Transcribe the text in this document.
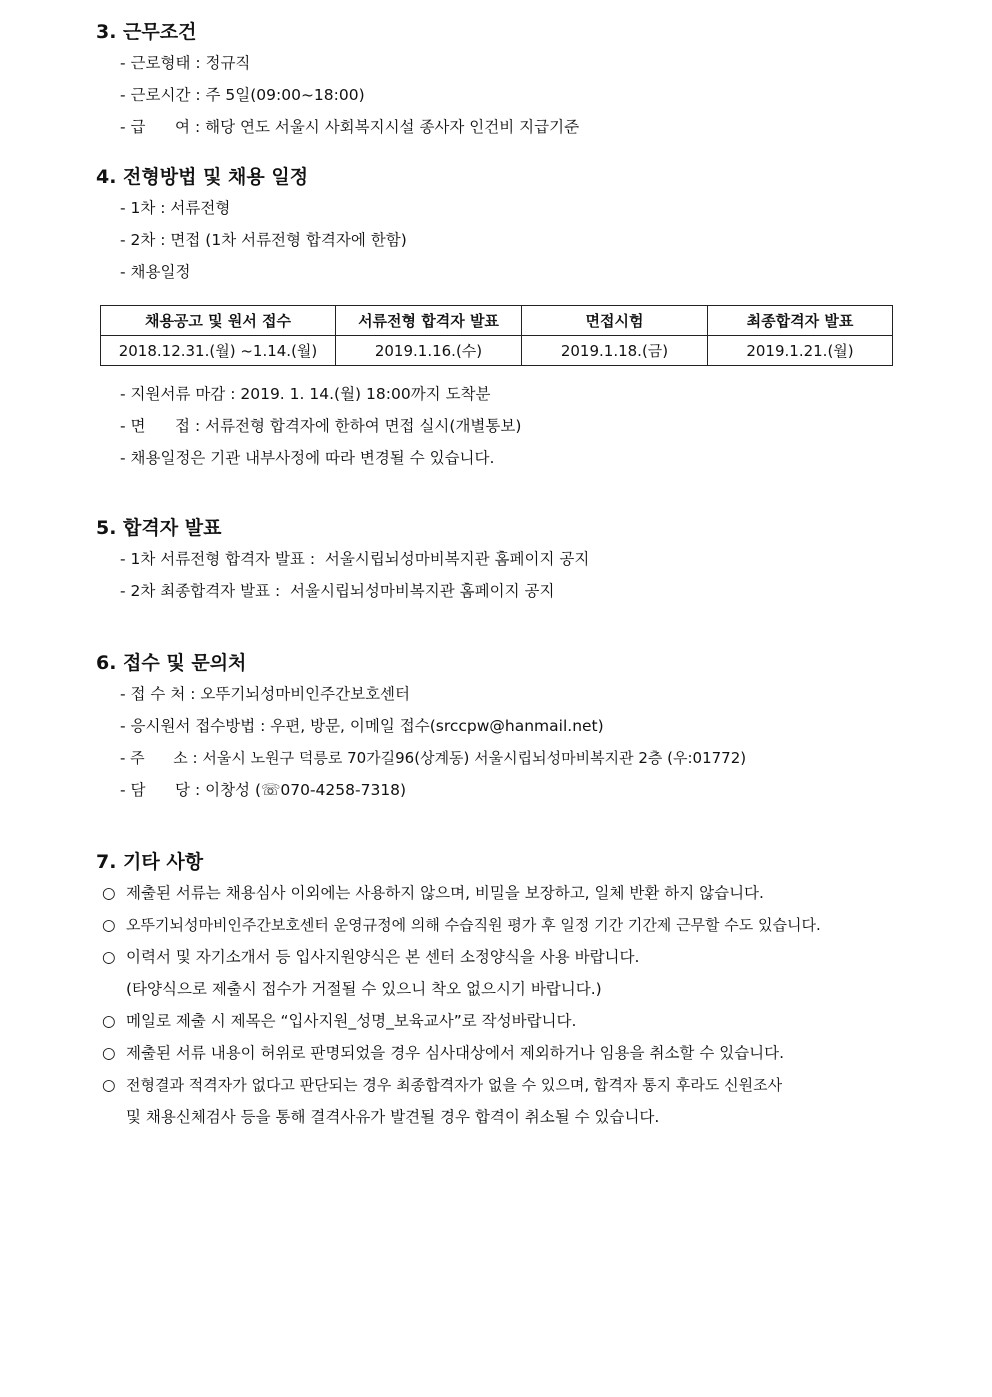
3. 근무조건
- 근로형태 : 정규직
- 근로시간 : 주 5일(09:00~18:00)
- 급      여 : 해당 연도 서울시 사회복지시설 종사자 인건비 지급기준
4. 전형방법 및 채용 일정
- 1차 : 서류전형
- 2차 : 면접 (1차 서류전형 합격자에 한함)
- 채용일정
채용공고 및 원서 접수	서류전형 합격자 발표	면접시험	최종합격자 발표
2018.12.31.(월) ~1.14.(월)	2019.1.16.(수)	2019.1.18.(금)	2019.1.21.(월)
- 지원서류 마감 : 2019. 1. 14.(월) 18:00까지 도착분
- 면      접 : 서류전형 합격자에 한하여 면접 실시(개별통보)
- 채용일정은 기관 내부사정에 따라 변경될 수 있습니다.
5. 합격자 발표
- 1차 서류전형 합격자 발표 :  서울시립뇌성마비복지관 홈페이지 공지
- 2차 최종합격자 발표 :  서울시립뇌성마비복지관 홈페이지 공지
6. 접수 및 문의처
- 접 수 처 : 오뚜기뇌성마비인주간보호센터
- 응시원서 접수방법 : 우편, 방문, 이메일 접수(srccpw@hanmail.net)
- 주      소 : 서울시 노원구 덕릉로 70가길96(상계동) 서울시립뇌성마비복지관 2층 (우:01772)
- 담      당 : 이창성 (☏070-4258-7318)
7. 기타 사항
○ 제출된 서류는 채용심사 이외에는 사용하지 않으며, 비밀을 보장하고, 일체 반환 하지 않습니다.
○ 오뚜기뇌성마비인주간보호센터 운영규정에 의해 수습직원 평가 후 일정 기간 기간제 근무할 수도 있습니다.
○ 이력서 및 자기소개서 등 입사지원양식은 본 센터 소정양식을 사용 바랍니다.
(타양식으로 제출시 접수가 거절될 수 있으니 착오 없으시기 바랍니다.)
○ 메일로 제출 시 제목은 “입사지원_성명_보육교사”로 작성바랍니다.
○ 제출된 서류 내용이 허위로 판명되었을 경우 심사대상에서 제외하거나 임용을 취소할 수 있습니다.
○ 전형결과 적격자가 없다고 판단되는 경우 최종합격자가 없을 수 있으며, 합격자 통지 후라도 신원조사
및 채용신체검사 등을 통해 결격사유가 발견될 경우 합격이 취소될 수 있습니다.
